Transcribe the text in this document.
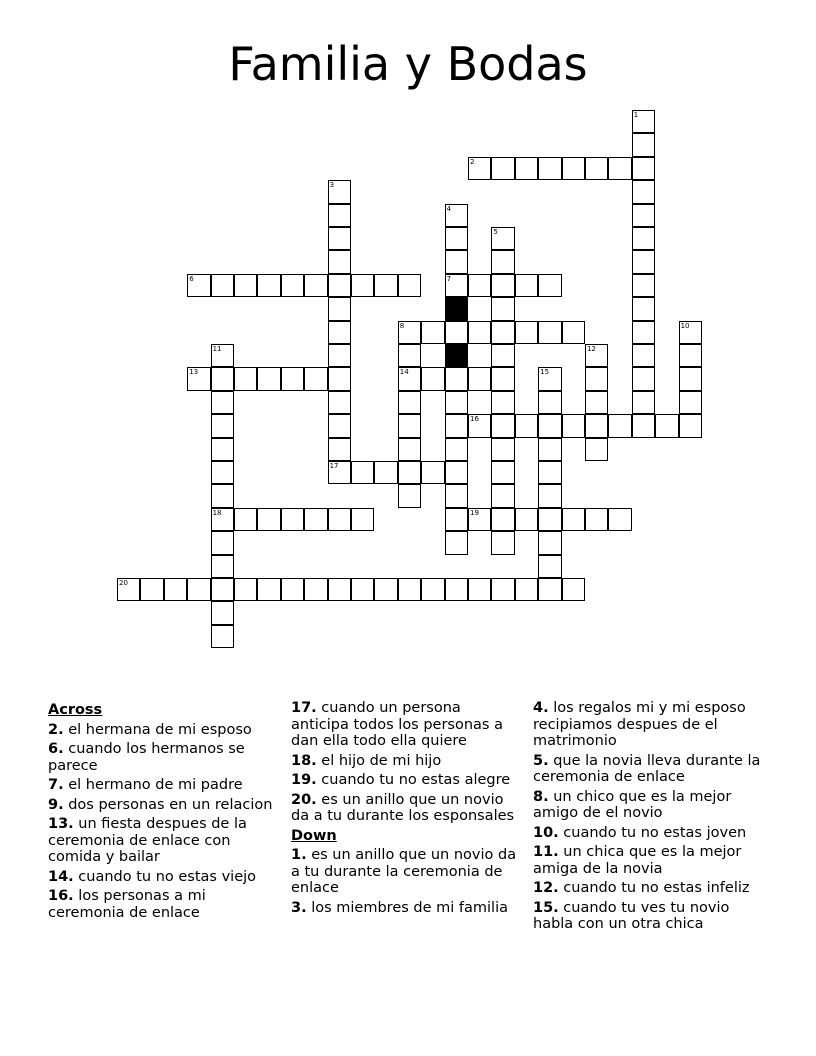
Familia y Bodas
1
2
3
4
7
5
6
8
14
10
11
18
12
13	15
16
17
19
20
Across
2. el hermana de mi esposo
6. cuando los hermanos se parece
7. el hermano de mi padre
9. dos personas en un relacion
13. un fiesta despues de la ceremonia de enlace con comida y bailar
14. cuando tu no estas viejo
16. los personas a mi ceremonia de enlace
17. cuando un persona anticipa todos los personas a dan ella todo ella quiere
18. el hijo de mi hijo
19. cuando tu no estas alegre
20. es un anillo que un novio da a tu durante los esponsales
Down
1. es un anillo que un novio da a tu durante la ceremonia de enlace
3. los miembres de mi familia
4. los regalos mi y mi esposo recipiamos despues de el matrimonio
5. que la novia lleva durante la ceremonia de enlace
8. un chico que es la mejor amigo de el novio
10. cuando tu no estas joven
11. un chica que es la mejor amiga de la novia
12. cuando tu no estas infeliz
15. cuando tu ves tu novio habla con un otra chica
